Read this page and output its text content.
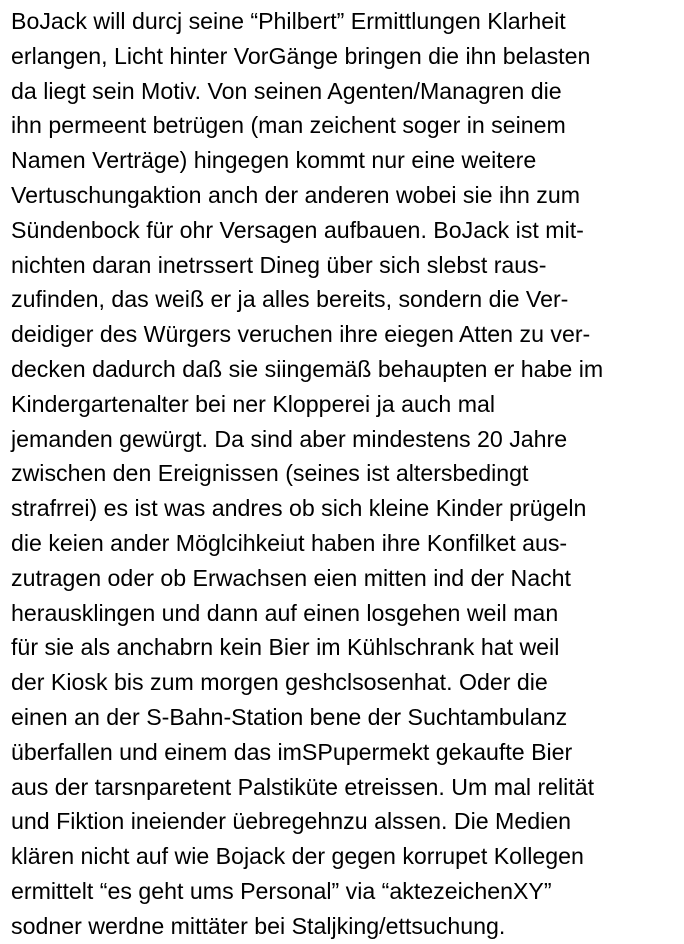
BoJack will durcj seine “Philbert” Ermittlungen Klarheit
erlangen, Licht hinter VorGänge bringen die ihn belasten
da liegt sein Motiv. Von seinen Agenten/Managren die
ihn permeent betrügen (man zeichent soger in seinem
Namen Verträge) hingegen kommt nur eine weitere
Vertuschungaktion anch der anderen wobei sie ihn zum
Sündenbock für ohr Versagen aufbauen. BoJack ist mit-
nichten daran inetrssert Dineg über sich slebst raus-
zufinden, das weiß er ja alles bereits, sondern die Ver-
deidiger des Würgers veruchen ihre eiegen Atten zu ver-
decken dadurch daß sie siingemäß behaupten er habe im
Kindergartenalter bei ner Klopperei ja auch mal
jemanden gewürgt. Da sind aber mindestens 20 Jahre
zwischen den Ereignissen (seines ist altersbedingt
strafrrei) es ist was andres ob sich kleine Kinder prügeln
die keien ander Möglcihkeiut haben ihre Konfilket aus-
zutragen oder ob Erwachsen eien mitten ind der Nacht
herausklingen und dann auf einen losgehen weil man
für sie als anchabrn kein Bier im Kühlschrank hat weil
der Kiosk bis zum morgen geshclsosenhat. Oder die
einen an der S-Bahn-Station bene der Suchtambulanz
überfallen und einem das imSPupermekt gekaufte Bier
aus der tarsnparetent Palstiküte etreissen. Um mal relität
und Fiktion ineiender üebregehnzu alssen. Die Medien
klären nicht auf wie Bojack der gegen korrupet Kollegen
ermittelt “es geht ums Personal” via “aktezeichenXY”
sodner werdne mittäter bei Staljking/ettsuchung.
